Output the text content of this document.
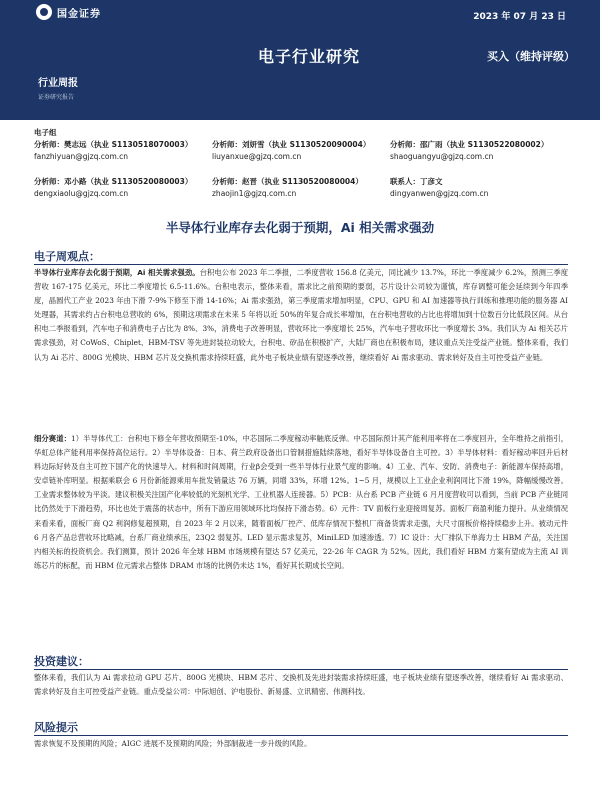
国金证券	2023 年 07 月 23 日
电子行业研究	买入（维持评级）
行业周报
证券研究报告
电子组
分析师：樊志远（执业 S1130518070003）
fanzhiyuan@gjzq.com.cn
分析师：刘妍雪（执业 S1130520090004）
liuyanxue@gjzq.com.cn
分析师：邵广雨（执业 S1130522080002）
shaoguangyu@gjzq.com.cn
分析师：邓小路（执业 S1130520080003）
dengxiaolu@gjzq.com.cn
分析师：赵晋（执业 S1130520080004）
zhaojin1@gjzq.com.cn
联系人：丁彦文
dingyanwen@gjzq.com.cn
半导体行业库存去化弱于预期，Ai 相关需求强劲
电子周观点：
半导体行业库存去化弱于预期，Ai 相关需求强劲。台积电公布 2023 年二季报，二季度营收 156.8 亿美元，同比减少 13.7%，环比一季度减少 6.2%，预测三季度营收 167-175 亿美元，环比二季度增长 6.5-11.6%。台积电表示，整体来看，需求比之前预期的要弱，芯片设计公司较为谨慎，库存调整可能会延续到今年四季度，晶圆代工产业 2023 年由下滑 7-9%下修至下滑 14-16%；Ai 需求强劲，第三季度需求增加明显，CPU、GPU 和 AI 加速器等执行训练和推理功能的服务器 AI 处理器，其需求约占台积电总营收的 6%，预期这项需求在未来 5 年将以近 50%的年复合成长率增加，在台积电营收的占比也将增加到十位数百分比低段区间。从台积电二季报看到，汽车电子和消费电子占比为 8%、3%，消费电子改善明显，营收环比一季度增长 25%，汽车电子营收环比一季度增长 3%。我们认为 Ai 相关芯片需求强劲，对 CoWoS、Chiplet、HBM-TSV 等先进封装拉动较大，台积电、矽品在积极扩产，大陆厂商也在积极布局，建议重点关注受益产业链。整体来看，我们认为 Ai 芯片、800G 光模块、HBM 芯片及交换机需求持续旺盛，此外电子板块业绩有望逐季改善，继续看好 Ai 需求驱动、需求转好及自主可控受益产业链。
细分赛道：1）半导体代工：台积电下修全年营收预期至-10%，中芯国际二季度稼动率触底反弹。中芯国际预计其产能利用率将在二季度回升，全年维持之前指引，华虹总体产能利用率保持高位运行。2）半导体设备：日本、荷兰政府设备出口管制措施陆续落地，看好半导体设备自主可控。3）半导体材料：看好稼动率回升后材料边际好转及自主可控下国产化的快速导入。材料和时间周期，行业β会受到一些半导体行业景气度的影响。4）工业、汽车、安防、消费电子：新能源车保持高增，安卓链补库明显。根据乘联会 6 月份新能源乘用车批发销量达 76 万辆，同增 33%，环增 12%。1~5 月，规模以上工业企业利润同比下滑 19%，降幅缓慢改善。工业需求整体较为平淡。建议积极关注国产化率较低的光刻机光学、工业机器人连接器。5）PCB：从台系 PCB 产业链 6 月月度营收可以看到，当前 PCB 产业链同比仍然处于下滑趋势，环比也处于震荡的状态中，所有下游应用领域环比均保持下滑态势。6）元件：TV 面板行业迎接周复苏。面板厂商盈利能力提升。从业绩情况来看来看，面板厂商 Q2 利润修复超预期，自 2023 年 2 月以来，随着面板厂控产、低库存情况下整机厂商备货需求走强，大尺寸面板价格持续稳步上升。被动元件 6 月各产品总营收环比略减，台系厂商业绩承压，23Q2 弱复苏。LED 显示需求复苏，MiniLED 加速渗透。7）IC 设计：大厂排队下单海力士 HBM 产品，关注国内相关标的投资机会。我们测算，预计 2026 年全球 HBM 市场规模有望达 57 亿美元，22-26 年 CAGR 为 52%。因此，我们看好 HBM 方案有望成为主流 AI 训练芯片的标配，而 HBM 位元需求占整体 DRAM 市场的比例仍未达 1%，看好其长期成长空间。
投资建议：
整体来看，我们认为 Ai 需求拉动 GPU 芯片、800G 光模块、HBM 芯片、交换机及先进封装需求持续旺盛，电子板块业绩有望逐季改善，继续看好 Ai 需求驱动、需求转好及自主可控受益产业链。重点受益公司：中际旭创、沪电股份、新易盛、立讯精密、伟测科技。
风险提示
需求恢复不及预期的风险；AIGC 进展不及预期的风险；外部制裁进一步升级的风险。
